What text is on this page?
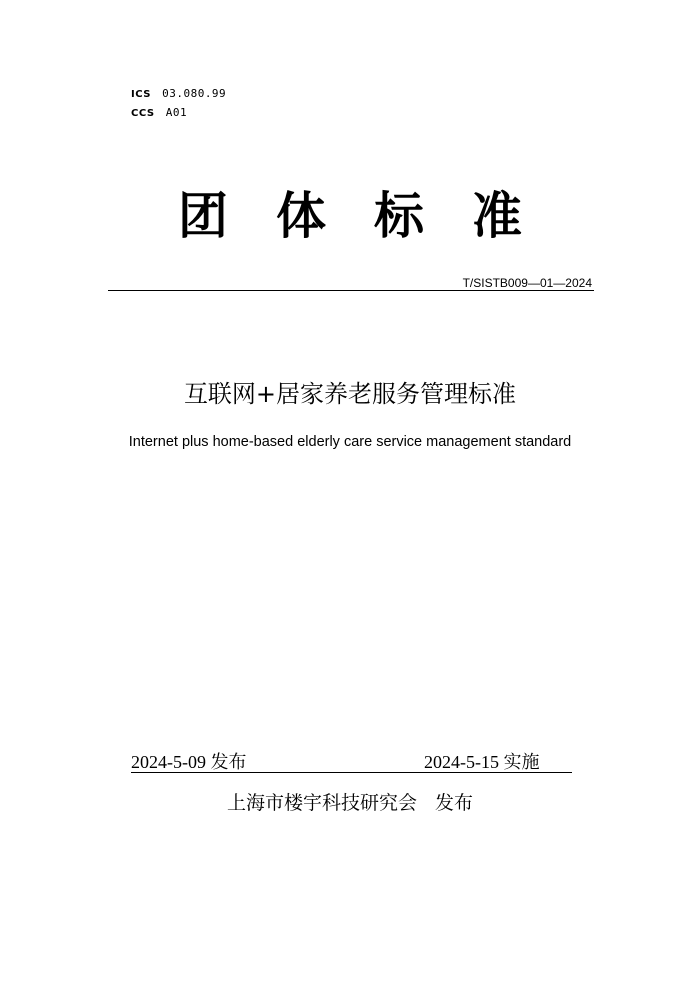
ICS 03.080.99
CCS A01
团体标准
T/SISTB009—01—2024
互联网+居家养老服务管理标准
Internet plus home-based elderly care service management standard
2024-5-09 发布	2024-5-15 实施
上海市楼宇科技研究会 发布
